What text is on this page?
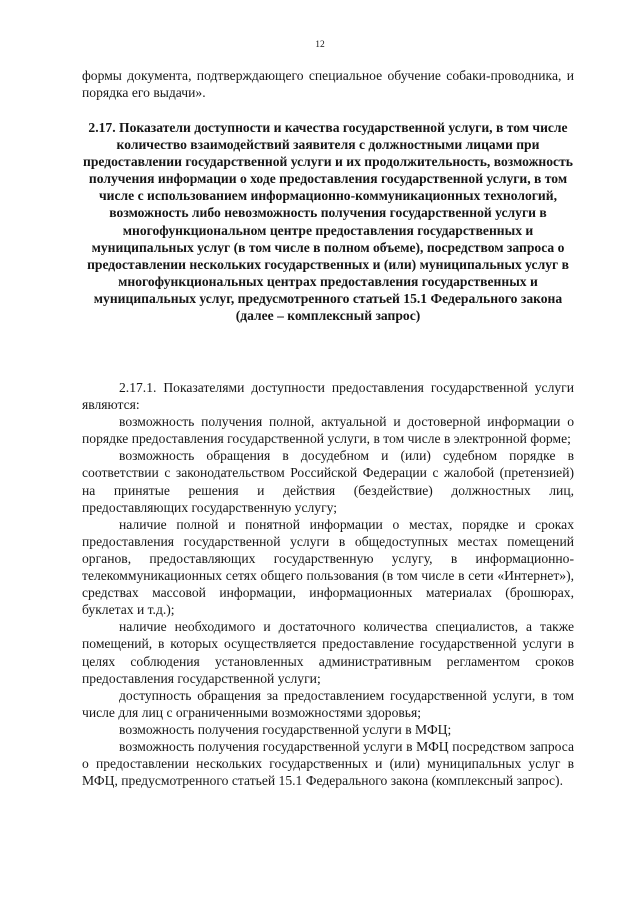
12

формы документа, подтверждающего специальное обучение собаки-проводника, и порядка его выдачи».

2.17. Показатели доступности и качества государственной услуги, в том числе количество взаимодействий заявителя с должностными лицами при предоставлении государственной услуги и их продолжительность, возможность получения информации о ходе предоставления государственной услуги, в том числе с использованием информационно-коммуникационных технологий, возможность либо невозможность получения государственной услуги в многофункциональном центре предоставления государственных и муниципальных услуг (в том числе в полном объеме), посредством запроса о предоставлении нескольких государственных и (или) муниципальных услуг в многофункциональных центрах предоставления государственных и муниципальных услуг, предусмотренного статьей 15.1 Федерального закона (далее – комплексный запрос)

2.17.1. Показателями доступности предоставления государственной услуги являются:

возможность получения полной, актуальной и достоверной информации о порядке предоставления государственной услуги, в том числе в электронной форме;

возможность обращения в досудебном и (или) судебном порядке в соответствии с законодательством Российской Федерации с жалобой (претензией) на принятые решения и действия (бездействие) должностных лиц, предоставляющих государственную услугу;

наличие полной и понятной информации о местах, порядке и сроках предоставления государственной услуги в общедоступных местах помещений органов, предоставляющих государственную услугу, в информационно-телекоммуникационных сетях общего пользования (в том числе в сети «Интернет»), средствах массовой информации, информационных материалах (брошюрах, буклетах и т.д.);

наличие необходимого и достаточного количества специалистов, а также помещений, в которых осуществляется предоставление государственной услуги в целях соблюдения установленных административным регламентом сроков предоставления государственной услуги;

доступность обращения за предоставлением государственной услуги, в том числе для лиц с ограниченными возможностями здоровья;

возможность получения государственной услуги в МФЦ;

возможность получения государственной услуги в МФЦ посредством запроса о предоставлении нескольких государственных и (или) муниципальных услуг в МФЦ, предусмотренного статьей 15.1 Федерального закона (комплексный запрос).
